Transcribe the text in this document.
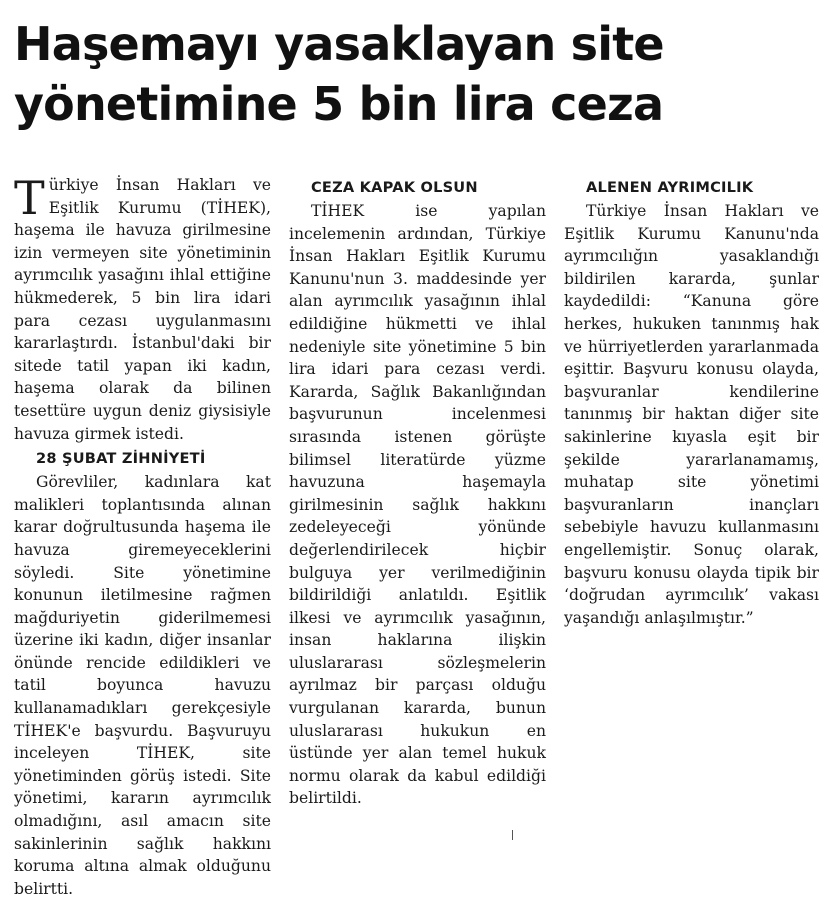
Haşemayı yasaklayan site
yönetimine 5 bin lira ceza

Türkiye İnsan Hakları ve Eşitlik Kurumu (TİHEK), haşema ile havuza girilmesine izin vermeyen site yönetiminin ayrımcılık yasağını ihlal ettiğine hükmederek, 5 bin lira idari para cezası uygulanmasını kararlaştırdı. İstanbul'daki bir sitede tatil yapan iki kadın, haşema olarak da bilinen tesettüre uygun deniz giysisiyle havuza girmek istedi.

28 ŞUBAT ZİHNİYETİ

Görevliler, kadınlara kat malikleri toplantısında alınan karar doğrultusunda haşema ile havuza giremeyeceklerini söyledi. Site yönetimine konunun iletilmesine rağmen mağduriyetin giderilmemesi üzerine iki kadın, diğer insanlar önünde rencide edildikleri ve tatil boyunca havuzu kullanamadıkları gerekçesiyle TİHEK'e başvurdu. Başvuruyu inceleyen TİHEK, site yönetiminden görüş istedi. Site yönetimi, kararın ayrımcılık olmadığını, asıl amacın site sakinlerinin sağlık hakkını koruma altına almak olduğunu belirtti.

CEZA KAPAK OLSUN

TİHEK ise yapılan incelemenin ardından, Türkiye İnsan Hakları Eşitlik Kurumu Kanunu'nun 3. maddesinde yer alan ayrımcılık yasağının ihlal edildiğine hükmetti ve ihlal nedeniyle site yönetimine 5 bin lira idari para cezası verdi. Kararda, Sağlık Bakanlığından başvurunun incelenmesi sırasında istenen görüşte bilimsel literatürde yüzme havuzuna haşemayla girilmesinin sağlık hakkını zedeleyeceği yönünde değerlendirilecek hiçbir bulguya yer verilmediğinin bildirildiği anlatıldı. Eşitlik ilkesi ve ayrımcılık yasağının, insan haklarına ilişkin uluslararası sözleşmelerin ayrılmaz bir parçası olduğu vurgulanan kararda, bunun uluslararası hukukun en üstünde yer alan temel hukuk normu olarak da kabul edildiği belirtildi.

ALENEN AYRIMCILIK

Türkiye İnsan Hakları ve Eşitlik Kurumu Kanunu'nda ayrımcılığın yasaklandığı bildirilen kararda, şunlar kaydedildi: “Kanuna göre herkes, hukuken tanınmış hak ve hürriyetlerden yararlanmada eşittir. Başvuru konusu olayda, başvuranlar kendilerine tanınmış bir haktan diğer site sakinlerine kıyasla eşit bir şekilde yararlanamamış, muhatap site yönetimi başvuranların inançları sebebiyle havuzu kullanmasını engellemiştir. Sonuç olarak, başvuru konusu olayda tipik bir ‘doğrudan ayrımcılık’ vakası yaşandığı anlaşılmıştır.”
